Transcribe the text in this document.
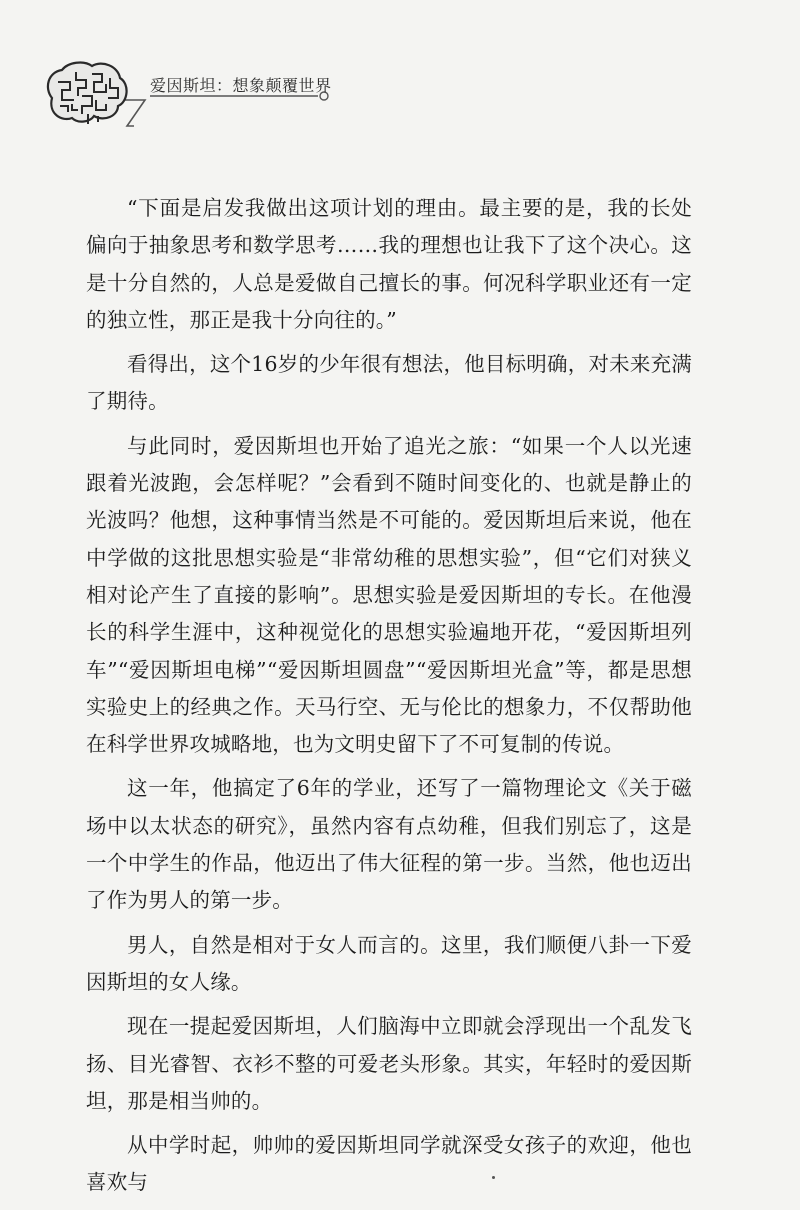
爱因斯坦：想象颠覆世界

“下面是启发我做出这项计划的理由。最主要的是，我的长处偏向于抽象思考和数学思考……我的理想也让我下了这个决心。这是十分自然的，人总是爱做自己擅长的事。何况科学职业还有一定的独立性，那正是我十分向往的。”

看得出，这个16岁的少年很有想法，他目标明确，对未来充满了期待。

与此同时，爱因斯坦也开始了追光之旅：“如果一个人以光速跟着光波跑，会怎样呢？”会看到不随时间变化的、也就是静止的光波吗？他想，这种事情当然是不可能的。爱因斯坦后来说，他在中学做的这批思想实验是“非常幼稚的思想实验”，但“它们对狭义相对论产生了直接的影响”。思想实验是爱因斯坦的专长。在他漫长的科学生涯中，这种视觉化的思想实验遍地开花，“爱因斯坦列车”“爱因斯坦电梯”“爱因斯坦圆盘”“爱因斯坦光盒”等，都是思想实验史上的经典之作。天马行空、无与伦比的想象力，不仅帮助他在科学世界攻城略地，也为文明史留下了不可复制的传说。

这一年，他搞定了6年的学业，还写了一篇物理论文《关于磁场中以太状态的研究》，虽然内容有点幼稚，但我们别忘了，这是一个中学生的作品，他迈出了伟大征程的第一步。当然，他也迈出了作为男人的第一步。

男人，自然是相对于女人而言的。这里，我们顺便八卦一下爱因斯坦的女人缘。

现在一提起爱因斯坦，人们脑海中立即就会浮现出一个乱发飞扬、目光睿智、衣衫不整的可爱老头形象。其实，年轻时的爱因斯坦，那是相当帅的。

从中学时起，帅帅的爱因斯坦同学就深受女孩子的欢迎，他也喜欢与
